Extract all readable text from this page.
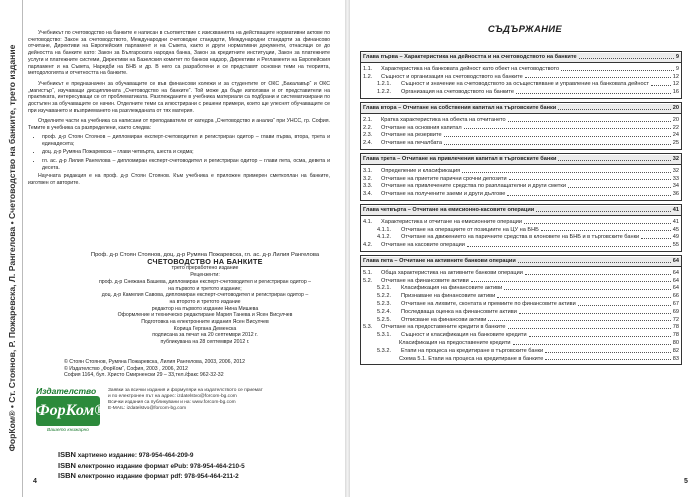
ФорКом® • Ст. Стоянов, Р. Пожаревска, Л. Рангелова • Счетоводство на банките, трето издание

Учебникът по счетоводство на банките е написан в съответствие с изискванията на действащите нормативни актове по счетоводство: Закон за счетоводството, Международни счетоводни стандарти, Международни стандарти за финансово отчитане, Директиви на Европейския парламент и на Съвета, както и други нормативни документи, отнасящи се до дейността на банките като: Закон за Българската народна банка, Закон за кредитните институции, Закон за платежните услуги и платежните системи, Директиви на Базелския комитет по банков надзор, Директиви и Регламенти на Европейския парламент и на Съвета, Наредби на БНБ и др. В него са разработени и се представят основни теми на теорията, методологията и отчетността на банките.

Учебникът е предназначен за обучаващите се във финансови колежи и за студентите от ОКС „Бакалавър“ и ОКС „магистър“, изучаващи дисциплината „Счетоводство на банките“. Той може да бъде използван и от представители на практиката, интересуващи се от проблематиката. Разглежданите в учебника материали са подбрани и систематизирани по достъпен за обучаващите се начин. Отделните теми са илюстрирани с решени примери, които ще улеснят обучаващите се при изучаването и възприемането на разглежданата от тях материя.

Отделните части на учебника са написани от преподаватели от катедра „Счетоводство и анализ“ при УНСС, гр. София. Темите в учебника са разпределени, както следва:

• проф. д-р Стоян Стоянов – дипломиран експерт-счетоводител и регистриран одитор – глави първа, втора, трета и единадесета;
• доц. д-р Румяна Пожаревска – глави четвърта, шеста и седма;
• гл. ас. д-р Лилия Рангелова – дипломиран експерт-счетоводител и регистриран одитор – глави пета, осма, девета и десета.

Научната редакция е на проф. д-р Стоян Стоянов. Към учебника е приложен примерен сметкоплан на банките, изготвен от авторите.

Проф. д-р Стоян Стоянов, доц. д-р Румяна Пожаревска, гл. ас. д-р Лилия Рангелова
СЧЕТОВОДСТВО НА БАНКИТЕ
трето преработено издание
Рецензенти:
проф. д-р Снежана Башева, дипломиран експерт-счетоводител и регистриран одитор –
на първото и третото издание;
доц. д-р Камелия Савова, дипломиран експерт-счетоводител и регистриран одитор –
на второто и третото издание
редактор на първото издание Нина Мишева
Оформление и техническо редактиране Мария Танева и Ясен Висулчев
Подготовка на електронните издания Ясен Висулчев
Корица Гергана Деменска
подписана за печат на 20 септември 2012 г.
публикувана на 28 септември 2012 г.
© Стоян Стоянов, Румяна Пожаревска, Лилия Рангелова, 2003, 2006, 2012
© Издателство „ФорКом“, София, 2003 , 2006, 2012
София 1164, бул. Христо Смирненски 29 – 33,тел./факс 962-32-32
Издателство
ФорКом®
Вашето книжарно
Заявки за всички издания и формуляри на издателството се приемат
и по електронен път на адрес: izdatelstvo@forcom-bg.com
Всички издания са публикувани и на: www.forcom-bg.com
E-MAIL: izdatelstvo@forcom-bg.com
ISBN хартиено издание: 978-954-464-209-9
ISBN електронно издание формат ePub: 978-954-464-210-5
ISBN електронно издание формат pdf: 978-954-464-211-2
4
СЪДЪРЖАНИЕ
Глава първа – Характеристика на дейността и на счетоводството на банките	9
1.1.	Характеристика на банковата дейност като обект на счетоводството	9
1.2.	Същност и организация на счетоводството на банките	12
1.2.1.	Същност и значение на счетоводството за осъществяване и управление на банковата дейност	12
1.2.2.	Организация на счетоводството на банките	16
Глава втора – Отчитане на собствения капитал на търговските банки	20
2.1.	Кратка характеристика на обекта на отчитането	20
2.2.	Отчитане на основния капитал	22
2.3.	Отчитане на резервите	24
2.4.	Отчитане на печалбата	25
Глава трета – Отчитане на привлечения капитал в търговските банки	32
3.1.	Определение и класификация	32
3.2.	Отчитане на приетите парични срочни депозити	33
3.3.	Отчитане на привлечените средства по разплащателни и други сметки	34
3.4.	Отчитане на получените заеми и други дългове	36
Глава четвърта – Отчитане на емисионно-касовите операции	41
4.1.	Характеристика и отчитане на емисионните операции	41
4.1.1.	Отчитане на операциите от позициите на ЦУ на БНБ	45
4.1.2.	Отчитане на движението на паричните средства в клоновете на БНБ и в търговските банки	49
4.2.	Отчитане на касовите операции	55
Глава пета – Отчитане на активните банкови операции	64
5.1.	Обща характеристика на активните банкови операции	64
5.2.	Отчитане на финансовите активи	64
5.2.1.	Класификация на финансовите активи	64
5.2.2.	Признаване на финансовите активи	66
5.2.3.	Отчитане на лихвите, сконтата и премиите по финансовите активи	67
5.2.4.	Последваща оценка на финансовите активи	69
5.2.5.	Отписване на финансови активи	72
5.3.	Отчитане на предоставените кредити в банките	78
5.3.1.	Същност и класификация на банковите кредити	78
Класификация на предоставените кредити	80
5.3.2.	Етапи на процеса на кредитиране в търговските банки	82
Схема 5.1. Етапи на процеса на кредитиране в банките	83
5
